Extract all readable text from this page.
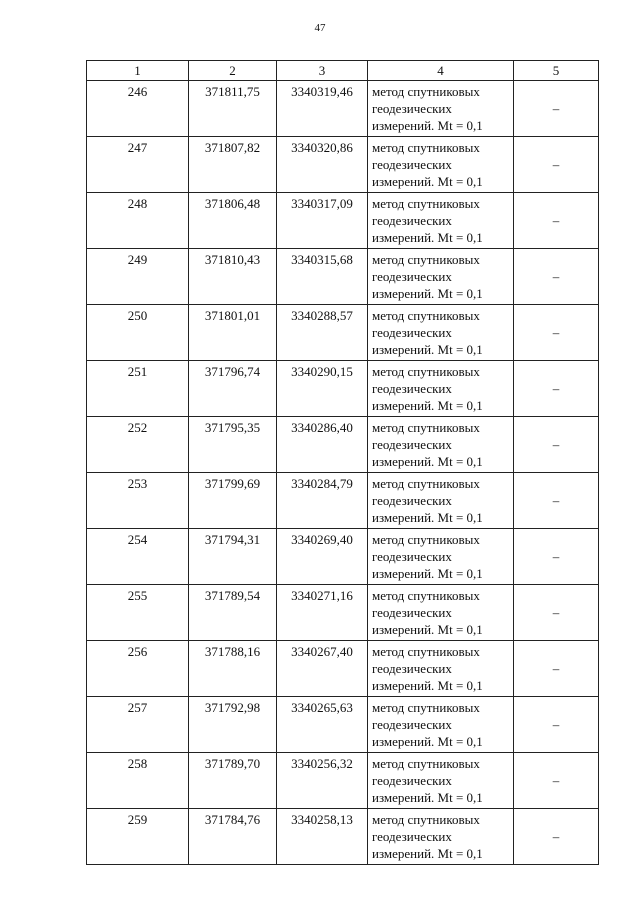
47
1	2	3	4	5
246	371811,75	3340319,46	метод спутниковых
геодезических
измерений. Mt = 0,1	–
247	371807,82	3340320,86	метод спутниковых
геодезических
измерений. Mt = 0,1	–
248	371806,48	3340317,09	метод спутниковых
геодезических
измерений. Mt = 0,1	–
249	371810,43	3340315,68	метод спутниковых
геодезических
измерений. Mt = 0,1	–
250	371801,01	3340288,57	метод спутниковых
геодезических
измерений. Mt = 0,1	–
251	371796,74	3340290,15	метод спутниковых
геодезических
измерений. Mt = 0,1	–
252	371795,35	3340286,40	метод спутниковых
геодезических
измерений. Mt = 0,1	–
253	371799,69	3340284,79	метод спутниковых
геодезических
измерений. Mt = 0,1	–
254	371794,31	3340269,40	метод спутниковых
геодезических
измерений. Mt = 0,1	–
255	371789,54	3340271,16	метод спутниковых
геодезических
измерений. Mt = 0,1	–
256	371788,16	3340267,40	метод спутниковых
геодезических
измерений. Mt = 0,1	–
257	371792,98	3340265,63	метод спутниковых
геодезических
измерений. Mt = 0,1	–
258	371789,70	3340256,32	метод спутниковых
геодезических
измерений. Mt = 0,1	–
259	371784,76	3340258,13	метод спутниковых
геодезических
измерений. Mt = 0,1	–
